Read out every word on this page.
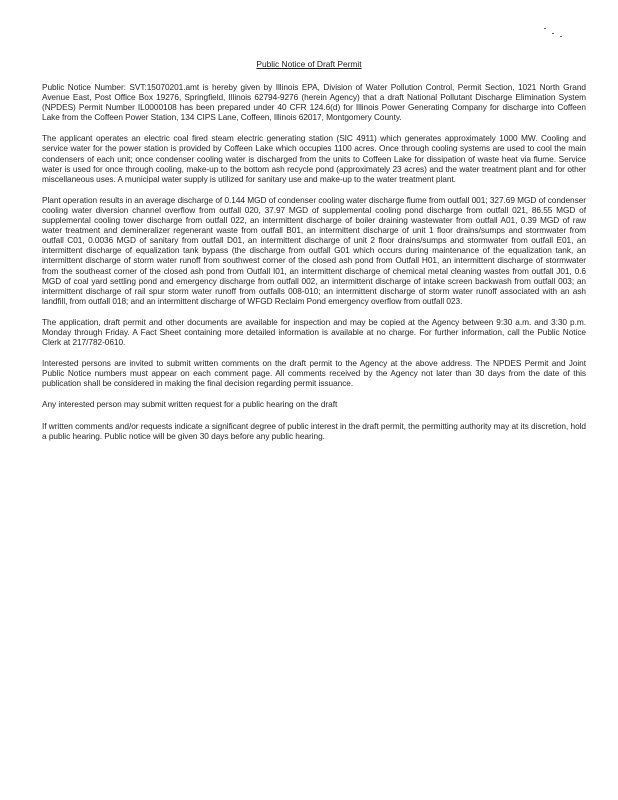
Public Notice of Draft Permit

Public Notice Number: SVT:15070201.amt is hereby given by Illinois EPA, Division of Water Pollution Control, Permit Section, 1021 North Grand Avenue East, Post Office Box 19276, Springfield, Illinois 62794-9276 (herein Agency) that a draft National Pollutant Discharge Elimination System (NPDES) Permit Number IL0000108 has been prepared under 40 CFR 124.6(d) for Illinois Power Generating Company for discharge into Coffeen Lake from the Coffeen Power Station, 134 CIPS Lane, Coffeen, Illinois 62017, Montgomery County.

The applicant operates an electric coal fired steam electric generating station (SIC 4911) which generates approximately 1000 MW. Cooling and service water for the power station is provided by Coffeen Lake which occupies 1100 acres. Once through cooling systems are used to cool the main condensers of each unit; once condenser cooling water is discharged from the units to Coffeen Lake for dissipation of waste heat via flume. Service water is used for once through cooling, make-up to the bottom ash recycle pond (approximately 23 acres) and the water treatment plant and for other miscellaneous uses. A municipal water supply is utilized for sanitary use and make-up to the water treatment plant.

Plant operation results in an average discharge of 0.144 MGD of condenser cooling water discharge flume from outfall 001; 327.69 MGD of condenser cooling water diversion channel overflow from outfall 020, 37.97 MGD of supplemental cooling pond discharge from outfall 021, 86.55 MGD of supplemental cooling tower discharge from outfall 022, an intermittent discharge of boiler draining wastewater from outfall A01, 0.39 MGD of raw water treatment and demineralizer regenerant waste from outfall B01, an intermittent discharge of unit 1 floor drains/sumps and stormwater from outfall C01, 0.0036 MGD of sanitary from outfall D01, an intermittent discharge of unit 2 floor drains/sumps and stormwater from outfall E01, an intermittent discharge of equalization tank bypass (the discharge from outfall G01 which occurs during maintenance of the equalization tank, an intermittent discharge of storm water runoff from southwest corner of the closed ash pond from Outfall H01, an intermittent discharge of stormwater from the southeast corner of the closed ash pond from Outfall I01, an intermittent discharge of chemical metal cleaning wastes from outfall J01, 0.6 MGD of coal yard settling pond and emergency discharge from outfall 002, an intermittent discharge of intake screen backwash from outfall 003; an intermittent discharge of rail spur storm water runoff from outfalls 008-010; an intermittent discharge of storm water runoff associated with an ash landfill, from outfall 018; and an intermittent discharge of WFGD Reclaim Pond emergency overflow from outfall 023.

The application, draft permit and other documents are available for inspection and may be copied at the Agency between 9:30 a.m. and 3:30 p.m. Monday through Friday. A Fact Sheet containing more detailed information is available at no charge. For further information, call the Public Notice Clerk at 217/782-0610.

Interested persons are invited to submit written comments on the draft permit to the Agency at the above address. The NPDES Permit and Joint Public Notice numbers must appear on each comment page. All comments received by the Agency not later than 30 days from the date of this publication shall be considered in making the final decision regarding permit issuance.

Any interested person may submit written request for a public hearing on the draft

If written comments and/or requests indicate a significant degree of public interest in the draft permit, the permitting authority may at its discretion, hold a public hearing. Public notice will be given 30 days before any public hearing.
